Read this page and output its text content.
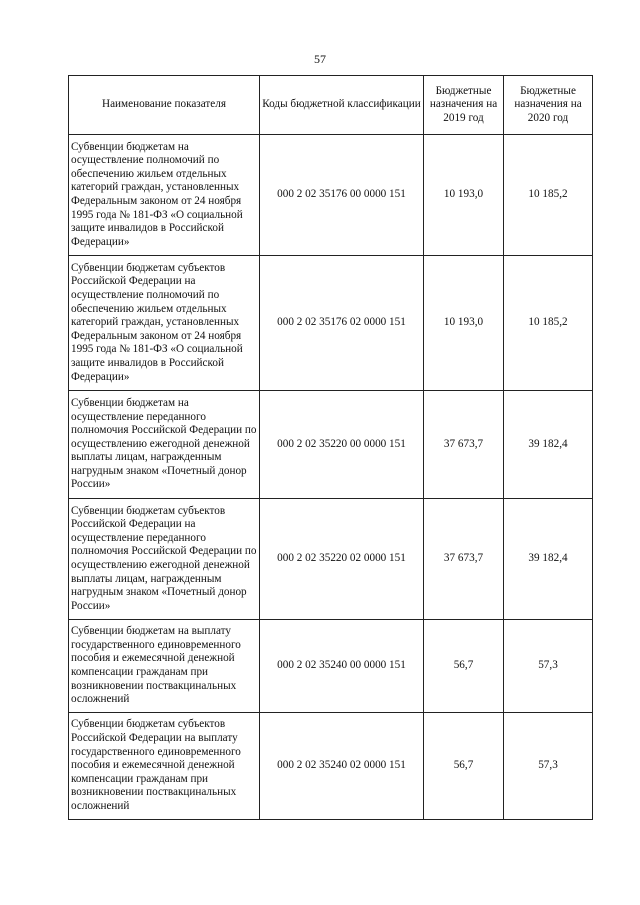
57
Наименование показателя	Коды бюджетной классификации	Бюджетные назначения на 2019 год	Бюджетные назначения на 2020 год
Субвенции бюджетам на осуществление полномочий по обеспечению жильем отдельных категорий граждан, установленных Федеральным законом от 24 ноября 1995 года № 181-ФЗ «О социальной защите инвалидов в Российской Федерации»	000 2 02 35176 00 0000 151	10 193,0	10 185,2
Субвенции бюджетам субъектов Российской Федерации на осуществление полномочий по обеспечению жильем отдельных категорий граждан, установленных Федеральным законом от 24 ноября 1995 года № 181-ФЗ «О социальной защите инвалидов в Российской Федерации»	000 2 02 35176 02 0000 151	10 193,0	10 185,2
Субвенции бюджетам на осуществление переданного полномочия Российской Федерации по осуществлению ежегодной денежной выплаты лицам, награжденным нагрудным знаком «Почетный донор России»	000 2 02 35220 00 0000 151	37 673,7	39 182,4
Субвенции бюджетам субъектов Российской Федерации на осуществление переданного полномочия Российской Федерации по осуществлению ежегодной денежной выплаты лицам, награжденным нагрудным знаком «Почетный донор России»	000 2 02 35220 02 0000 151	37 673,7	39 182,4
Субвенции бюджетам на выплату государственного единовременного пособия и ежемесячной денежной компенсации гражданам при возникновении поствакцинальных осложнений	000 2 02 35240 00 0000 151	56,7	57,3
Субвенции бюджетам субъектов Российской Федерации на выплату государственного единовременного пособия и ежемесячной денежной компенсации гражданам при возникновении поствакцинальных осложнений	000 2 02 35240 02 0000 151	56,7	57,3
